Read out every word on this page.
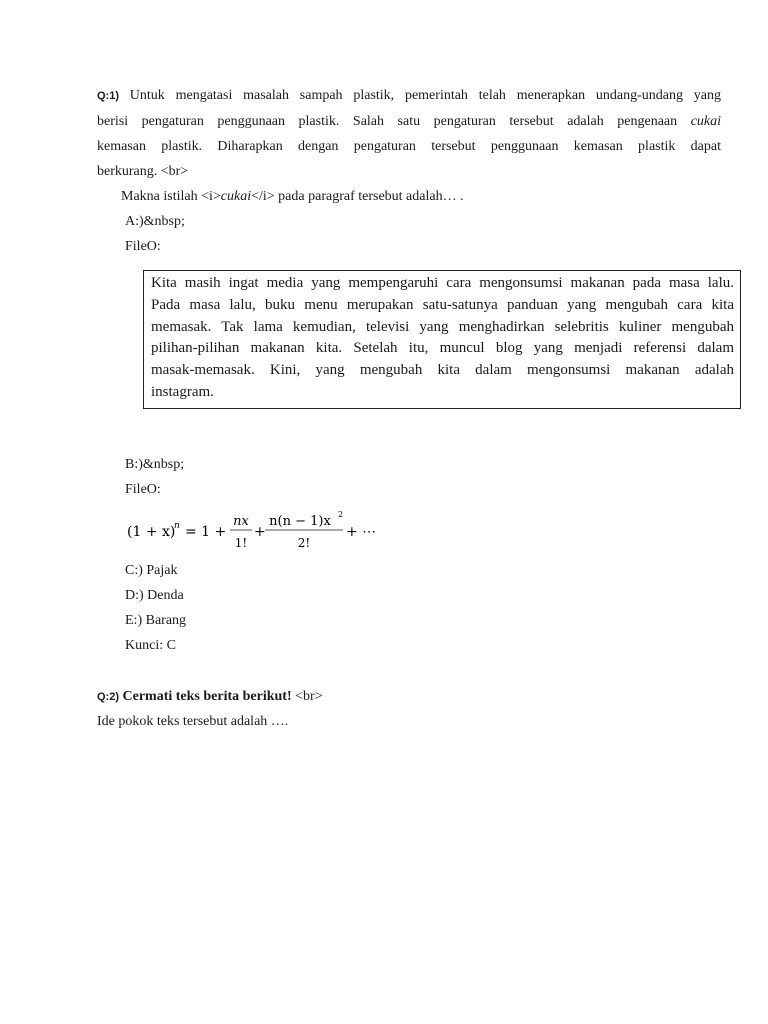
Q:1) Untuk mengatasi masalah sampah plastik, pemerintah telah menerapkan undang-undang yang
berisi pengaturan penggunaan plastik. Salah satu pengaturan tersebut adalah pengenaan cukai
kemasan plastik. Diharapkan dengan pengaturan tersebut penggunaan kemasan plastik dapat
berkurang. <br>
Makna istilah <i>cukai</i> pada paragraf tersebut adalah… .
A:)&nbsp;
FileO:
Kita masih ingat media yang mempengaruhi cara mengonsumsi makanan pada masa lalu.
Pada masa lalu, buku menu merupakan satu-satunya panduan yang mengubah cara kita
memasak. Tak lama kemudian, televisi yang menghadirkan selebritis kuliner mengubah
pilihan-pilihan makanan kita. Setelah itu, muncul blog yang menjadi referensi dalam
masak-memasak. Kini, yang mengubah kita dalam mengonsumsi makanan adalah
instagram.
B:)&nbsp;
FileO:
(1 + x)
n = 1 +
nx
1!
+
n(n − 1)x 2
2!
+ ⋯
C:) Pajak
D:) Denda
E:) Barang
Kunci: C
Q:2) Cermati teks berita berikut! <br>
Ide pokok teks tersebut adalah ….
